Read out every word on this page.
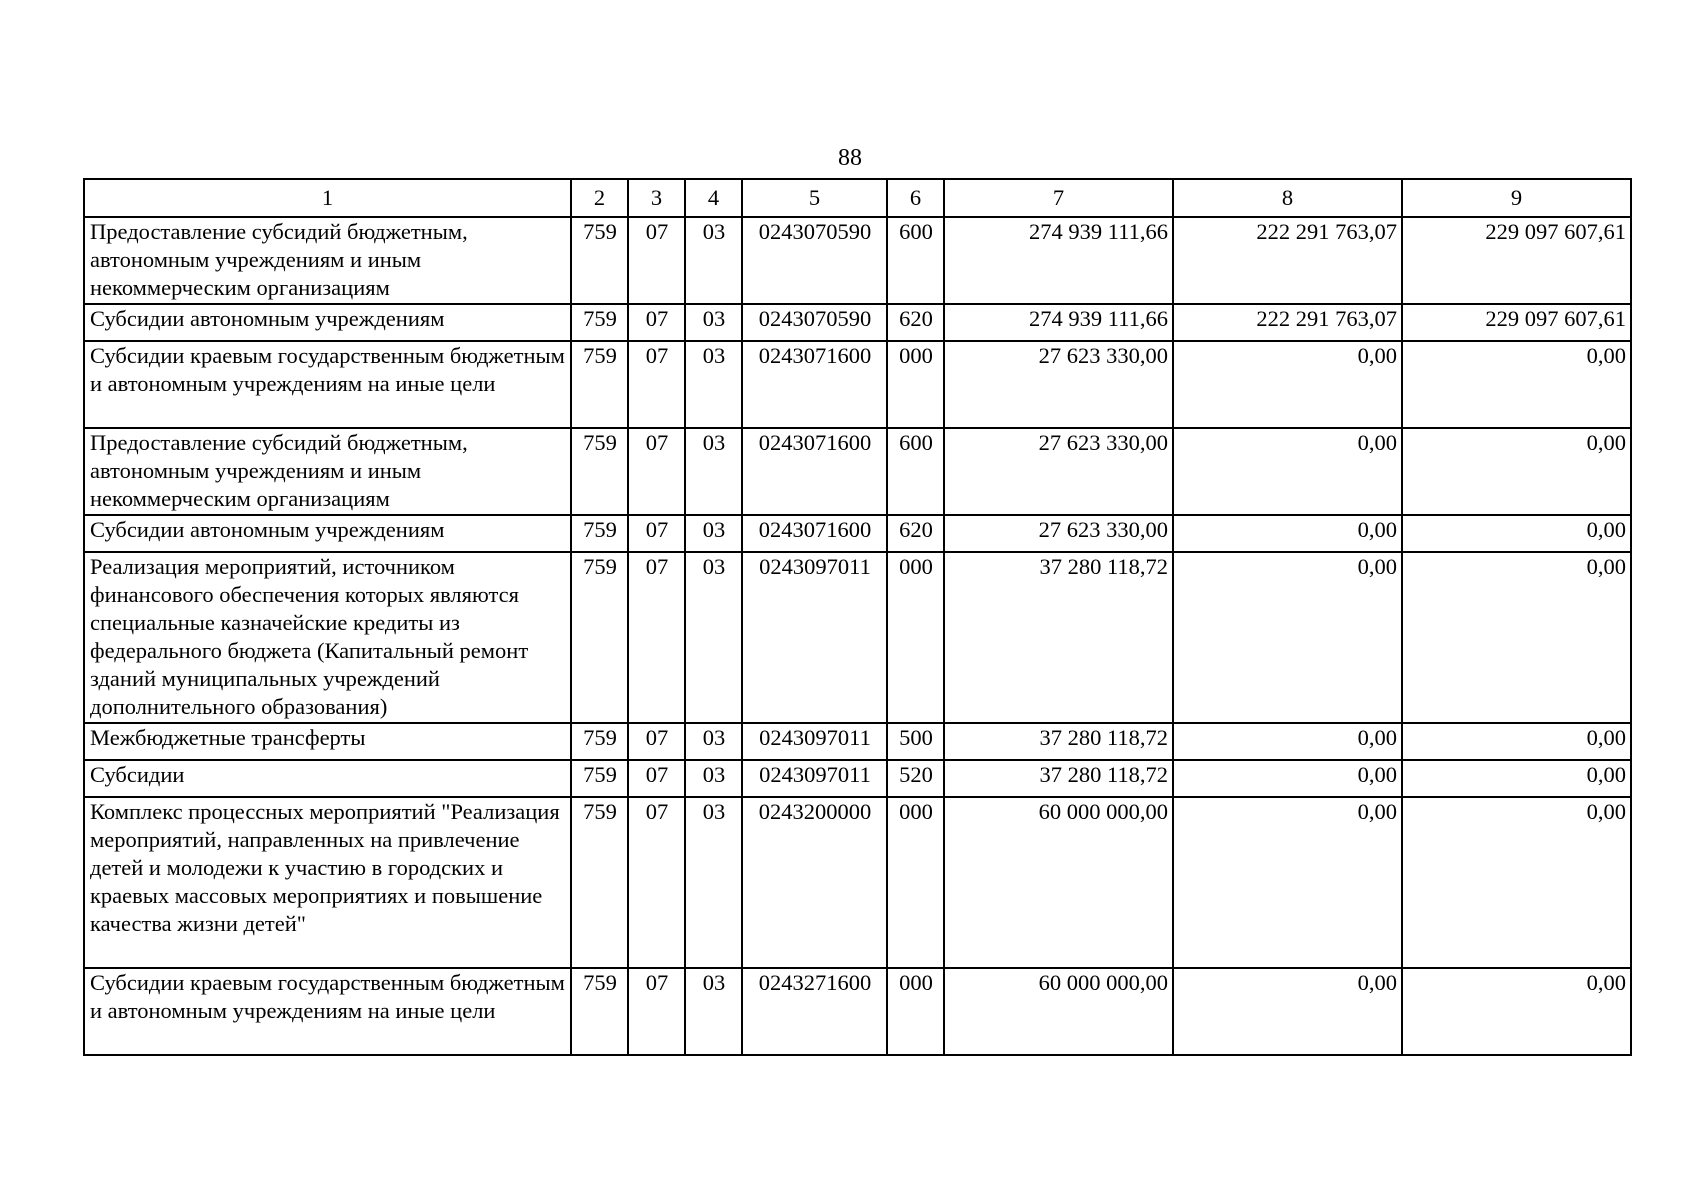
88
1	2	3	4	5	6	7	8	9
Предоставление субсидий бюджетным, автономным учреждениям и иным некоммерческим организациям	759	07	03	0243070590	600	274 939 111,66	222 291 763,07	229 097 607,61
Субсидии автономным учреждениям	759	07	03	0243070590	620	274 939 111,66	222 291 763,07	229 097 607,61
Субсидии краевым государственным бюджетным и автономным учреждениям на иные цели	759	07	03	0243071600	000	27 623 330,00	0,00	0,00
Предоставление субсидий бюджетным, автономным учреждениям и иным некоммерческим организациям	759	07	03	0243071600	600	27 623 330,00	0,00	0,00
Субсидии автономным учреждениям	759	07	03	0243071600	620	27 623 330,00	0,00	0,00
Реализация мероприятий, источником финансового обеспечения которых являются специальные казначейские кредиты из федерального бюджета (Капитальный ремонт зданий муниципальных учреждений дополнительного образования)	759	07	03	0243097011	000	37 280 118,72	0,00	0,00
Межбюджетные трансферты	759	07	03	0243097011	500	37 280 118,72	0,00	0,00
Субсидии	759	07	03	0243097011	520	37 280 118,72	0,00	0,00
Комплекс процессных мероприятий "Реализация мероприятий, направленных на привлечение детей и молодежи к участию в городских и краевых массовых мероприятиях и повышение качества жизни детей"	759	07	03	0243200000	000	60 000 000,00	0,00	0,00
Субсидии краевым государственным бюджетным и автономным учреждениям на иные цели	759	07	03	0243271600	000	60 000 000,00	0,00	0,00
